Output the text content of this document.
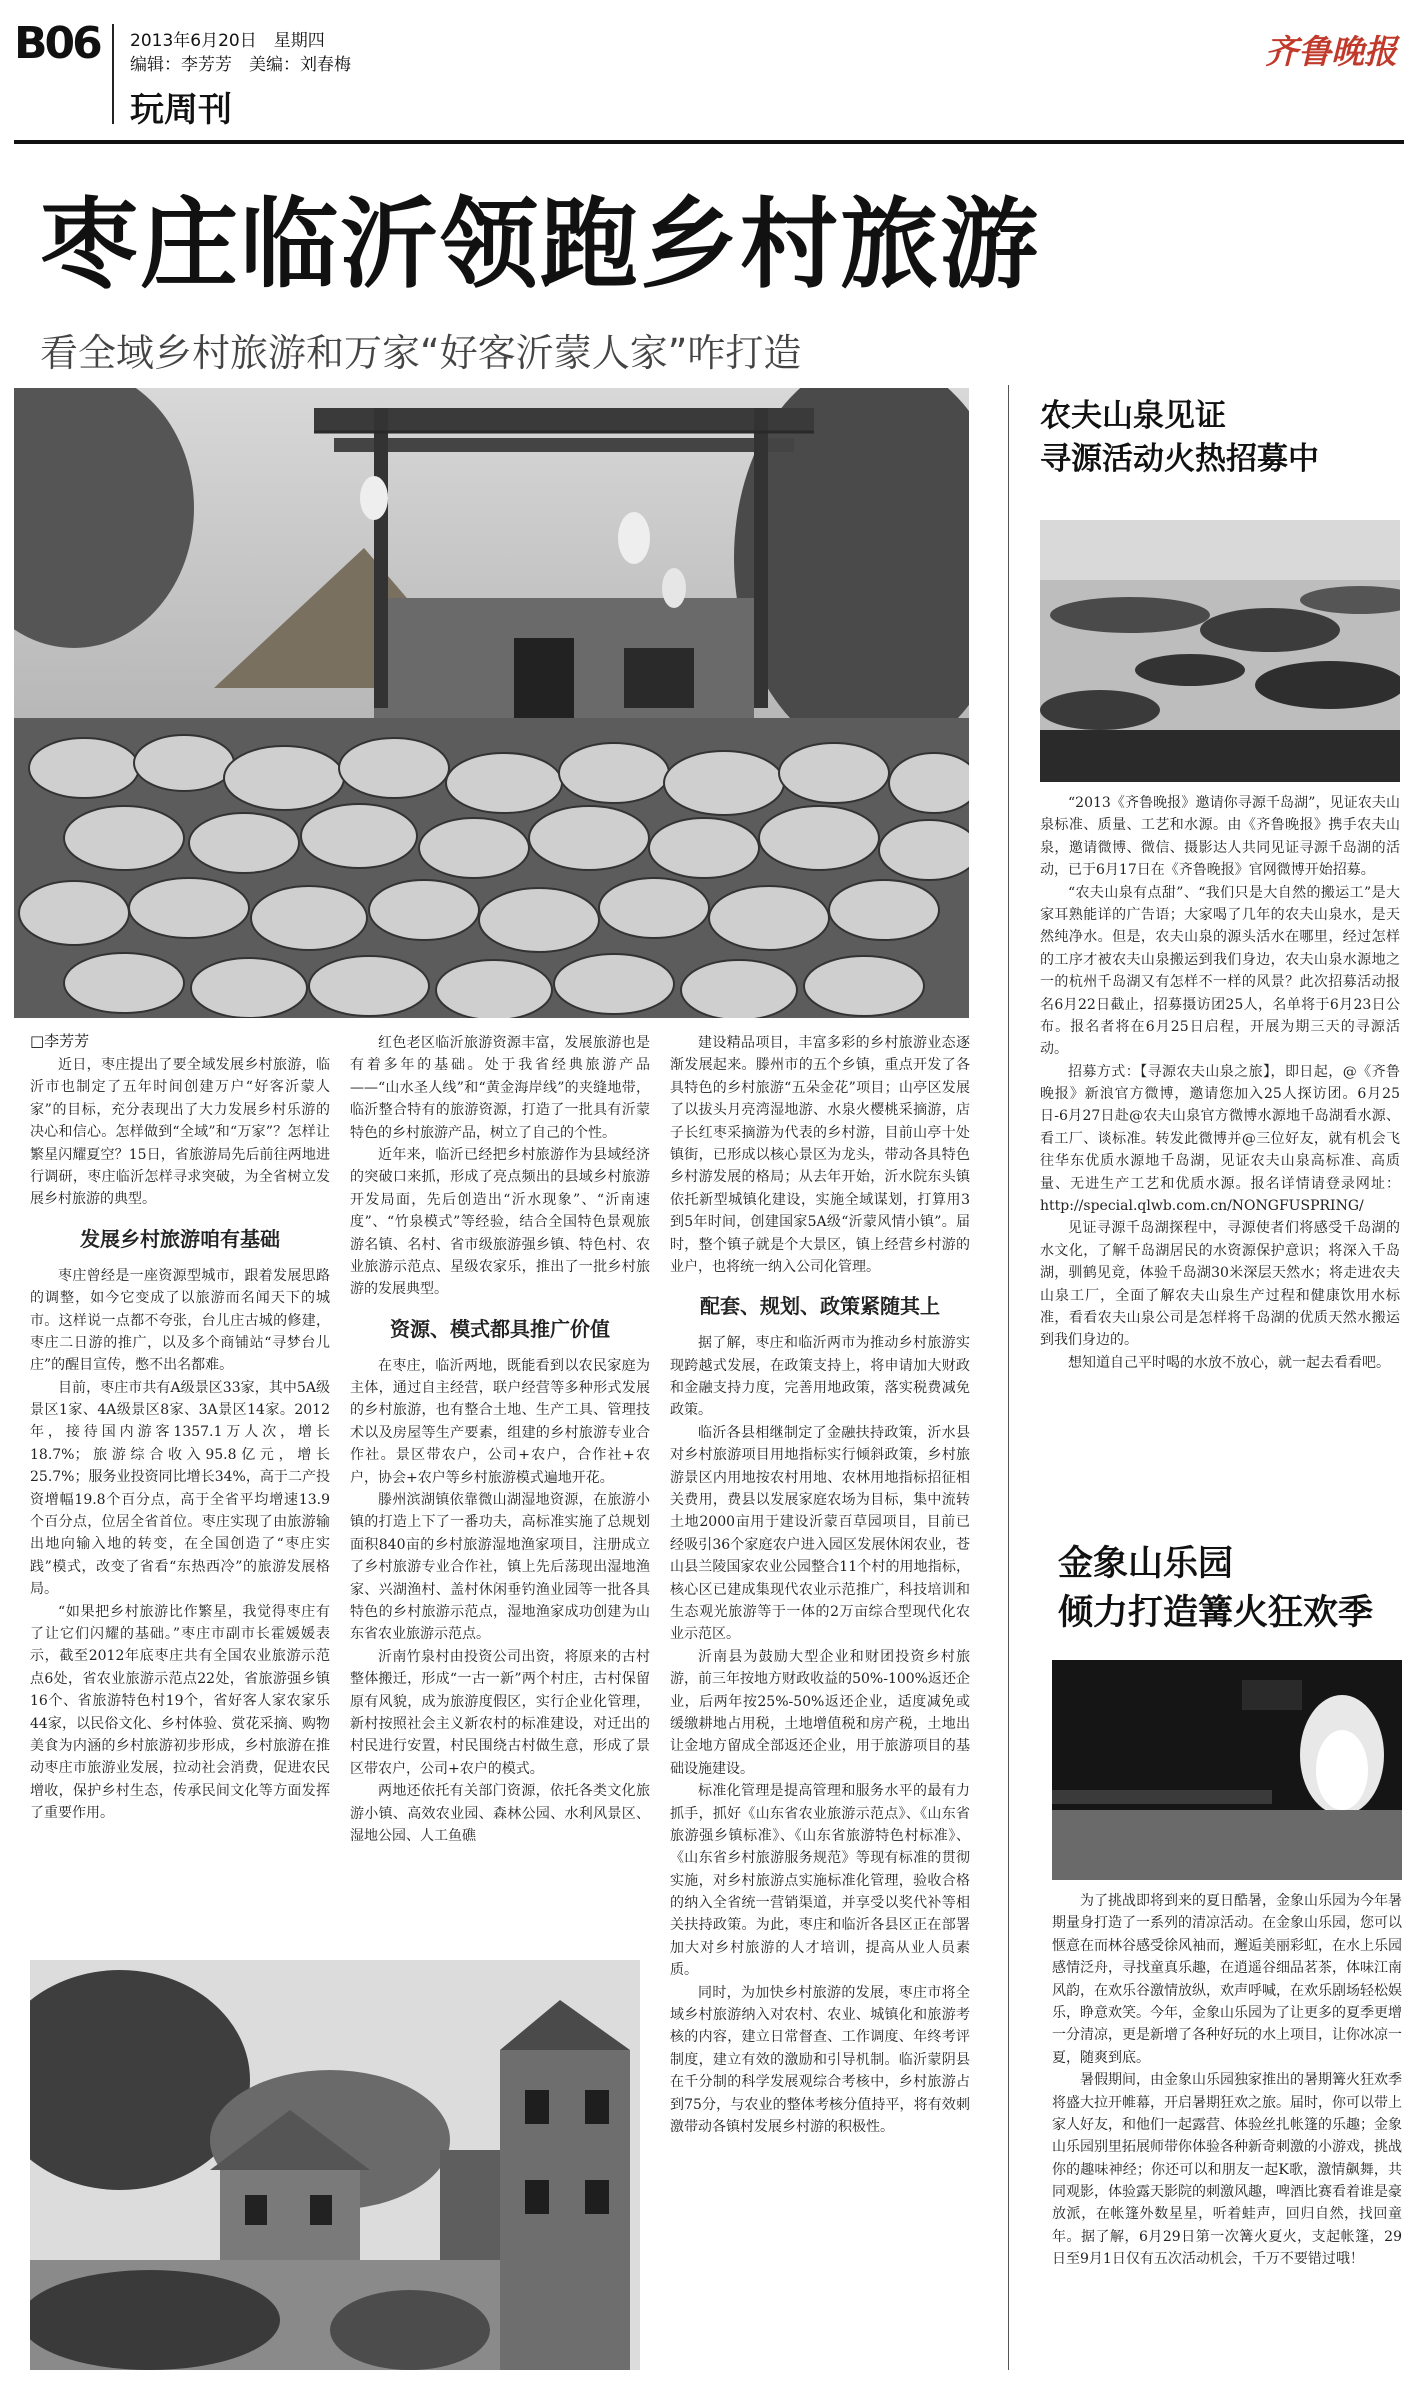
B06 2013年6月20日　星期四
编辑：李芳芳　美编：刘春梅
玩周刊
齐鲁晚报
枣庄临沂领跑乡村旅游
看全域乡村旅游和万家“好客沂蒙人家”咋打造
□李芳芳

近日，枣庄提出了要全域发展乡村旅游，临沂市也制定了五年时间创建万户“好客沂蒙人家”的目标，充分表现出了大力发展乡村乐游的决心和信心。怎样做到“全域”和“万家”？怎样让繁星闪耀夏空？15日，省旅游局先后前往两地进行调研，枣庄临沂怎样寻求突破，为全省树立发展乡村旅游的典型。

发展乡村旅游咱有基础

枣庄曾经是一座资源型城市，跟着发展思路的调整，如今它变成了以旅游而名闻天下的城市。这样说一点都不夸张，台儿庄古城的修建，枣庄二日游的推广，以及多个商铺站“寻梦台儿庄”的醒目宣传，憋不出名都难。

目前，枣庄市共有A级景区33家，其中5A级景区1家、4A级景区8家、3A景区14家。2012年，接待国内游客1357.1万人次，增长18.7%；旅游综合收入95.8亿元，增长25.7%；服务业投资同比增长34%，高于二产投资增幅19.8个百分点，高于全省平均增速13.9个百分点，位居全省首位。枣庄实现了由旅游输出地向输入地的转变，在全国创造了“枣庄实践”模式，改变了省看“东热西冷”的旅游发展格局。

“如果把乡村旅游比作繁星，我觉得枣庄有了让它们闪耀的基础。”枣庄市副市长霍媛媛表示，截至2012年底枣庄共有全国农业旅游示范点6处，省农业旅游示范点22处，省旅游强乡镇16个、省旅游特色村19个，省好客人家农家乐44家，以民俗文化、乡村体验、赏花采摘、购物美食为内涵的乡村旅游初步形成，乡村旅游在推动枣庄市旅游业发展，拉动社会消费，促进农民增收，保护乡村生态，传承民间文化等方面发挥了重要作用。

红色老区临沂旅游资源丰富，发展旅游也是有着多年的基础。处于我省经典旅游产品——“山水圣人线”和“黄金海岸线”的夹缝地带，临沂整合特有的旅游资源，打造了一批具有沂蒙特色的乡村旅游产品，树立了自己的个性。

近年来，临沂已经把乡村旅游作为县域经济的突破口来抓，形成了亮点频出的县域乡村旅游开发局面，先后创造出“沂水现象”、“沂南速度”、“竹泉模式”等经验，结合全国特色景观旅游名镇、名村、省市级旅游强乡镇、特色村、农业旅游示范点、星级农家乐，推出了一批乡村旅游的发展典型。

资源、模式都具推广价值

在枣庄，临沂两地，既能看到以农民家庭为主体，通过自主经营，联户经营等多种形式发展的乡村旅游，也有整合土地、生产工具、管理技术以及房屋等生产要素，组建的乡村旅游专业合作社。景区带农户，公司+农户，合作社+农户，协会+农户等乡村旅游模式遍地开花。

滕州滨湖镇依靠微山湖湿地资源，在旅游小镇的打造上下了一番功夫，高标准实施了总规划面积840亩的乡村旅游湿地渔家项目，注册成立了乡村旅游专业合作社，镇上先后荡现出湿地渔家、兴湖渔村、盖村休闲垂钓渔业园等一批各具特色的乡村旅游示范点，湿地渔家成功创建为山东省农业旅游示范点。

沂南竹泉村由投资公司出资，将原来的古村整体搬迁，形成“一古一新”两个村庄，古村保留原有风貌，成为旅游度假区，实行企业化管理，新村按照社会主义新农村的标准建设，对迁出的村民进行安置，村民围绕古村做生意，形成了景区带农户，公司+农户的模式。

两地还依托有关部门资源，依托各类文化旅游小镇、高效农业园、森林公园、水利风景区、湿地公园、人工鱼礁

建设精品项目，丰富多彩的乡村旅游业态逐渐发展起来。滕州市的五个乡镇，重点开发了各具特色的乡村旅游“五朵金花”项目；山亭区发展了以拔头月亮湾湿地游、水泉火樱桃采摘游，店子长红枣采摘游为代表的乡村游，目前山亭十处镇街，已形成以核心景区为龙头，带动各具特色乡村游发展的格局；从去年开始，沂水院东头镇依托新型城镇化建设，实施全域谋划，打算用3到5年时间，创建国家5A级“沂蒙风情小镇”。届时，整个镇子就是个大景区，镇上经营乡村游的业户，也将统一纳入公司化管理。

配套、规划、政策紧随其上

据了解，枣庄和临沂两市为推动乡村旅游实现跨越式发展，在政策支持上，将申请加大财政和金融支持力度，完善用地政策，落实税费减免政策。

临沂各县相继制定了金融扶持政策，沂水县对乡村旅游项目用地指标实行倾斜政策，乡村旅游景区内用地按农村用地、农林用地指标招征相关费用，费县以发展家庭农场为目标，集中流转土地2000亩用于建设沂蒙百草园项目，目前已经吸引36个家庭农户进入园区发展休闲农业，苍山县兰陵国家农业公园整合11个村的用地指标，核心区已建成集现代农业示范推广，科技培训和生态观光旅游等于一体的2万亩综合型现代化农业示范区。

沂南县为鼓励大型企业和财团投资乡村旅游，前三年按地方财政收益的50%-100%返还企业，后两年按25%-50%返还企业，适度减免或缓缴耕地占用税，土地增值税和房产税，土地出让金地方留成全部返还企业，用于旅游项目的基础设施建设。

标准化管理是提高管理和服务水平的最有力抓手，抓好《山东省农业旅游示范点》、《山东省旅游强乡镇标准》、《山东省旅游特色村标准》、《山东省乡村旅游服务规范》等现有标准的贯彻实施，对乡村旅游点实施标准化管理，验收合格的纳入全省统一营销渠道，并享受以奖代补等相关扶持政策。为此，枣庄和临沂各县区正在部署加大对乡村旅游的人才培训，提高从业人员素质。

同时，为加快乡村旅游的发展，枣庄市将全域乡村旅游纳入对农村、农业、城镇化和旅游考核的内容，建立日常督查、工作调度、年终考评制度，建立有效的激励和引导机制。临沂蒙阴县在千分制的科学发展观综合考核中，乡村旅游占到75分，与农业的整体考核分值持平，将有效刺激带动各镇村发展乡村游的积极性。

农夫山泉见证
寻源活动火热招募中

“2013《齐鲁晚报》邀请你寻源千岛湖”，见证农夫山泉标准、质量、工艺和水源。由《齐鲁晚报》携手农夫山泉，邀请微博、微信、摄影达人共同见证寻源千岛湖的活动，已于6月17日在《齐鲁晚报》官网微博开始招募。

“农夫山泉有点甜”、“我们只是大自然的搬运工”是大家耳熟能详的广告语；大家喝了几年的农夫山泉水，是天然纯净水。但是，农夫山泉的源头活水在哪里，经过怎样的工序才被农夫山泉搬运到我们身边，农夫山泉水源地之一的杭州千岛湖又有怎样不一样的风景？此次招募活动报名6月22日截止，招募摄访团25人，名单将于6月23日公布。报名者将在6月25日启程，开展为期三天的寻源活动。

招募方式：【寻源农夫山泉之旅】，即日起，@《齐鲁晚报》新浪官方微博，邀请您加入25人探访团。6月25日-6月27日赴@农夫山泉官方微博水源地千岛湖看水源、看工厂、谈标准。转发此微博并@三位好友，就有机会飞往华东优质水源地千岛湖，见证农夫山泉高标准、高质量、无进生产工艺和优质水源。报名详情请登录网址：http://special.qlwb.com.cn/NONGFUSPRING/

见证寻源千岛湖探程中，寻源使者们将感受千岛湖的水文化，了解千岛湖居民的水资源保护意识；将深入千岛湖，驯鹤见竟，体验千岛湖30米深层天然水；将走进农夫山泉工厂，全面了解农夫山泉生产过程和健康饮用水标准，看看农夫山泉公司是怎样将千岛湖的优质天然水搬运到我们身边的。

想知道自己平时喝的水放不放心，就一起去看看吧。

金象山乐园
倾力打造篝火狂欢季

为了挑战即将到来的夏日酷暑，金象山乐园为今年暑期量身打造了一系列的清凉活动。在金象山乐园，您可以惬意在而林谷感受徐风袖而，邂逅美丽彩虹，在水上乐园感情泛舟，寻找童真乐趣，在逍遥谷细品茗茶，体味江南风韵，在欢乐谷激情放纵，欢声呼喊，在欢乐剧场轻松娱乐，睁意欢笑。今年，金象山乐园为了让更多的夏季更增一分清凉，更是新增了各种好玩的水上项目，让你冰凉一夏，随爽到底。

暑假期间，由金象山乐园独家推出的暑期篝火狂欢季将盛大拉开帷幕，开启暑期狂欢之旅。届时，你可以带上家人好友，和他们一起露营、体验丝扎帐篷的乐趣；金象山乐园别里拓展师带你体验各种新奇刺激的小游戏，挑战你的趣味神经；你还可以和朋友一起K歌，激情飙舞，共同观影，体验露天影院的刺激风趣，啤酒比赛看着谁是豪放派，在帐篷外数星星，听着蛙声，回归自然，找回童年。据了解，6月29日第一次篝火夏火，支起帐篷，29日至9月1日仅有五次活动机会，千万不要错过哦！
